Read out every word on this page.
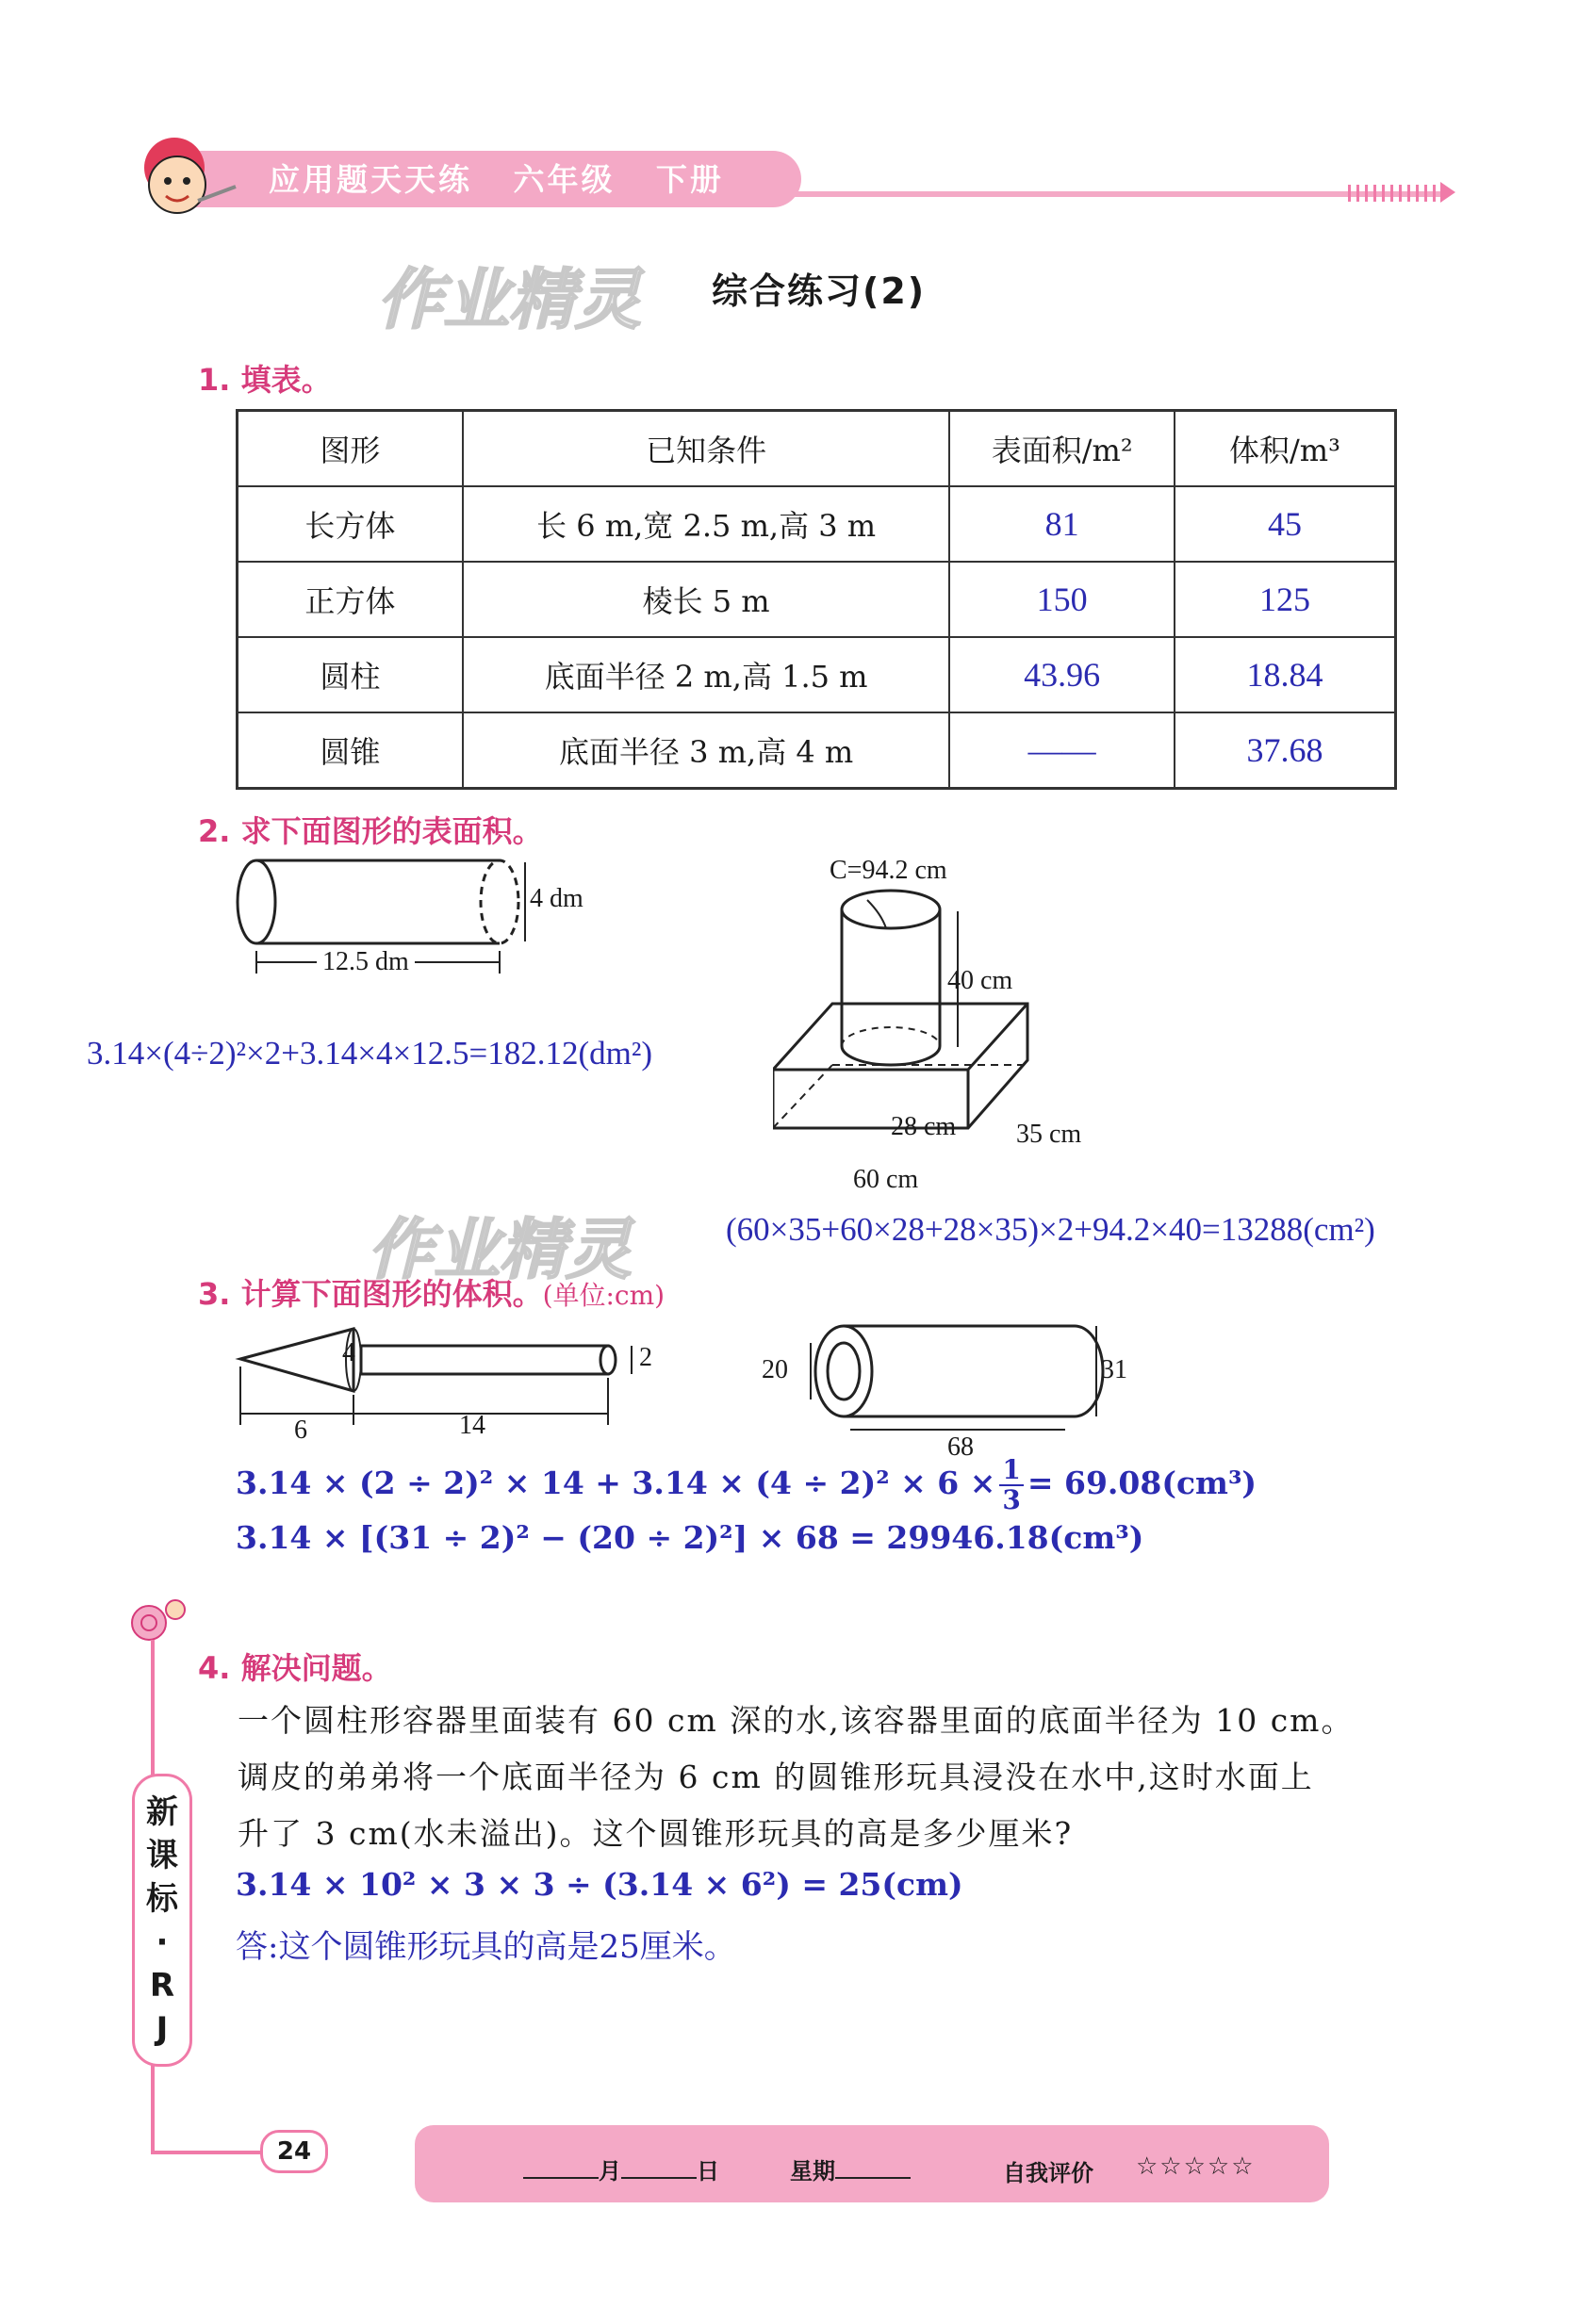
应用题天天练   六年级   下册
作业精灵 综合练习(2)
1. 填表。
图形	已知条件	表面积/m²	体积/m³
长方体	长 6 m,宽 2.5 m,高 3 m	81	45
正方体	棱长 5 m	150	125
圆柱	底面半径 2 m,高 1.5 m	43.96	18.84
圆锥	底面半径 3 m,高 4 m	——	37.68
2. 求下面图形的表面积。
4 dm
12.5 dm
C=94.2 cm
40 cm
28 cm 35 cm
60 cm
3.14×(4÷2)²×2+3.14×4×12.5=182.12(dm²)
作业精灵	(60×35+60×28+28×35)×2+94.2×40=13288(cm²)
3. 计算下面图形的体积。(单位:cm)
4	2
6	14
20	31
68
$3.14 \times (2 \div 2)^2 \times 14 + 3.14 \times (4 \div 2)^2 \times 6 \times \frac{1}{3} = 69.08(cm^3)$
3.14 × [(31 ÷ 2)² − (20 ÷ 2)²] × 68 = 29946.18(cm³)
4. 解决问题。
一个圆柱形容器里面装有 60 cm 深的水,该容器里面的底面半径为 10 cm。
调皮的弟弟将一个底面半径为 6 cm 的圆锥形玩具浸没在水中,这时水面上
升了 3 cm(水未溢出)。这个圆锥形玩具的高是多少厘米?
3.14 × 10² × 3 × 3 ÷ (3.14 × 6²) = 25(cm)
答:这个圆锥形玩具的高是25厘米。
新
课
标
·
R
J
24
月	日	星期	自我评价 ☆☆☆☆☆
